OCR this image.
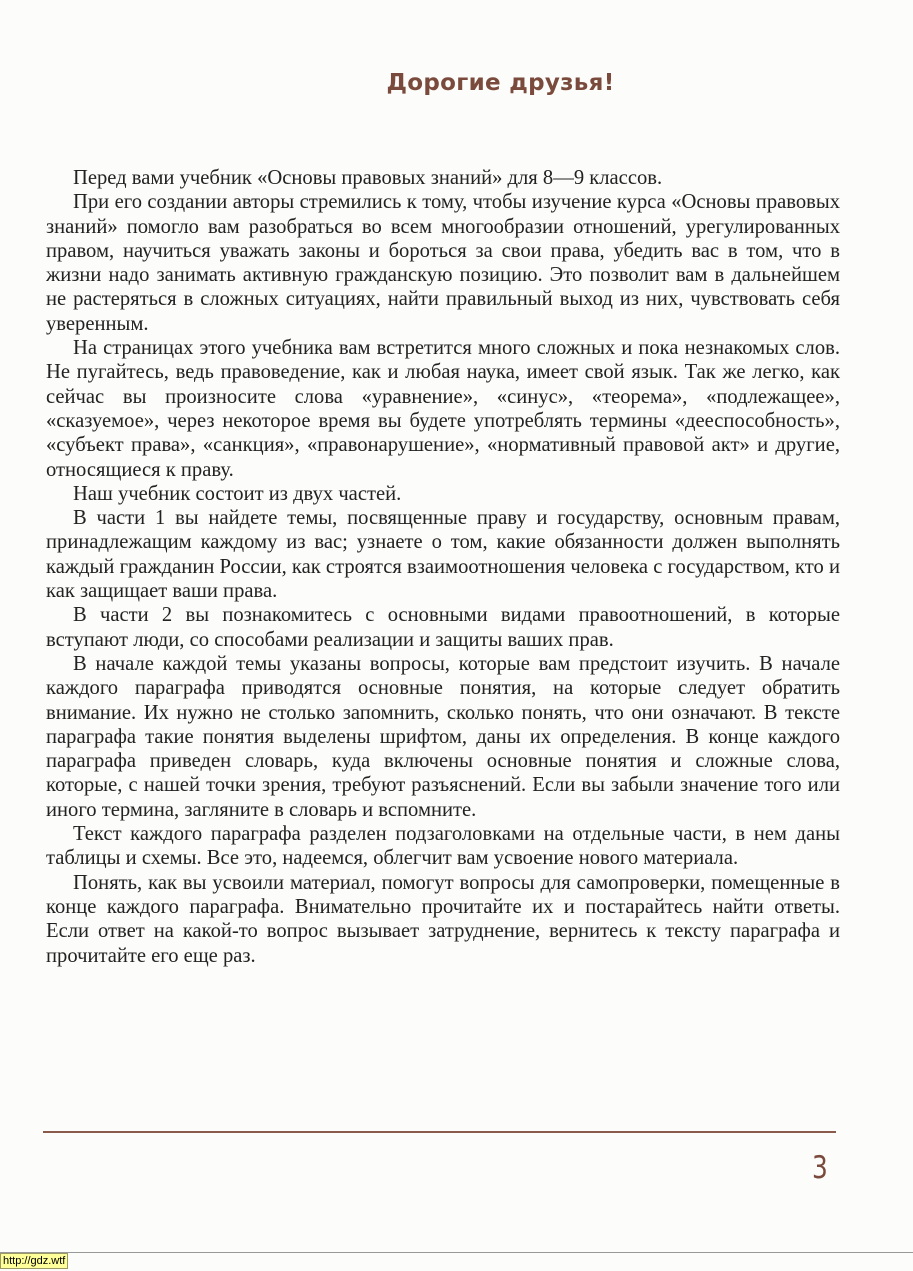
Дорогие друзья!

Перед вами учебник «Основы правовых знаний» для 8—9 классов.

При его создании авторы стремились к тому, чтобы изучение курса «Основы правовых знаний» помогло вам разобраться во всем многообразии отношений, урегулированных правом, научиться уважать законы и бороться за свои права, убедить вас в том, что в жизни надо занимать активную гражданскую позицию. Это позволит вам в дальнейшем не растеряться в сложных ситуациях, найти правильный выход из них, чувствовать себя уверенным.

На страницах этого учебника вам встретится много сложных и пока незнакомых слов. Не пугайтесь, ведь правоведение, как и любая наука, имеет свой язык. Так же легко, как сейчас вы произносите слова «уравнение», «синус», «теорема», «подлежащее», «сказуемое», через некоторое время вы будете употреблять термины «дееспособность», «субъект права», «санкция», «правонарушение», «нормативный правовой акт» и другие, относящиеся к праву.

Наш учебник состоит из двух частей.

В части 1 вы найдете темы, посвященные праву и государству, основным правам, принадлежащим каждому из вас; узнаете о том, какие обязанности должен выполнять каждый гражданин России, как строятся взаимоотношения человека с государством, кто и как защищает ваши права.

В части 2 вы познакомитесь с основными видами правоотношений, в которые вступают люди, со способами реализации и защиты ваших прав.

В начале каждой темы указаны вопросы, которые вам предстоит изучить. В начале каждого параграфа приводятся основные понятия, на которые следует обратить внимание. Их нужно не столько запомнить, сколько понять, что они означают. В тексте параграфа такие понятия выделены шрифтом, даны их определения. В конце каждого параграфа приведен словарь, куда включены основные понятия и сложные слова, которые, с нашей точки зрения, требуют разъяснений. Если вы забыли значение того или иного термина, загляните в словарь и вспомните.

Текст каждого параграфа разделен подзаголовками на отдельные части, в нем даны таблицы и схемы. Все это, надеемся, облегчит вам усвоение нового материала.

Понять, как вы усвоили материал, помогут вопросы для самопроверки, помещенные в конце каждого параграфа. Внимательно прочитайте их и постарайтесь найти ответы. Если ответ на какой-то вопрос вызывает затруднение, вернитесь к тексту параграфа и прочитайте его еще раз.

3
http://gdz.wtf
